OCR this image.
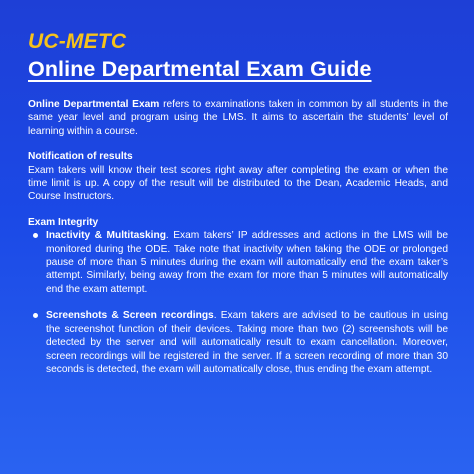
UC-METC
Online Departmental Exam Guide

Online Departmental Exam refers to examinations taken in common by all students in the same year level and program using the LMS. It aims to ascertain the students’ level of learning within a course.

Notification of results

Exam takers will know their test scores right away after completing the exam or when the time limit is up. A copy of the result will be distributed to the Dean, Academic Heads, and Course Instructors.

Exam Integrity

Inactivity & Multitasking. Exam takers’ IP addresses and actions in the LMS will be monitored during the ODE. Take note that inactivity when taking the ODE or prolonged pause of more than 5 minutes during the exam will automatically end the exam taker’s attempt. Similarly, being away from the exam for more than 5 minutes will automatically end the exam attempt.
Screenshots & Screen recordings. Exam takers are advised to be cautious in using the screenshot function of their devices. Taking more than two (2) screenshots will be detected by the server and will automatically result to exam cancellation. Moreover, screen recordings will be registered in the server. If a screen recording of more than 30 seconds is detected, the exam will automatically close, thus ending the exam attempt.
